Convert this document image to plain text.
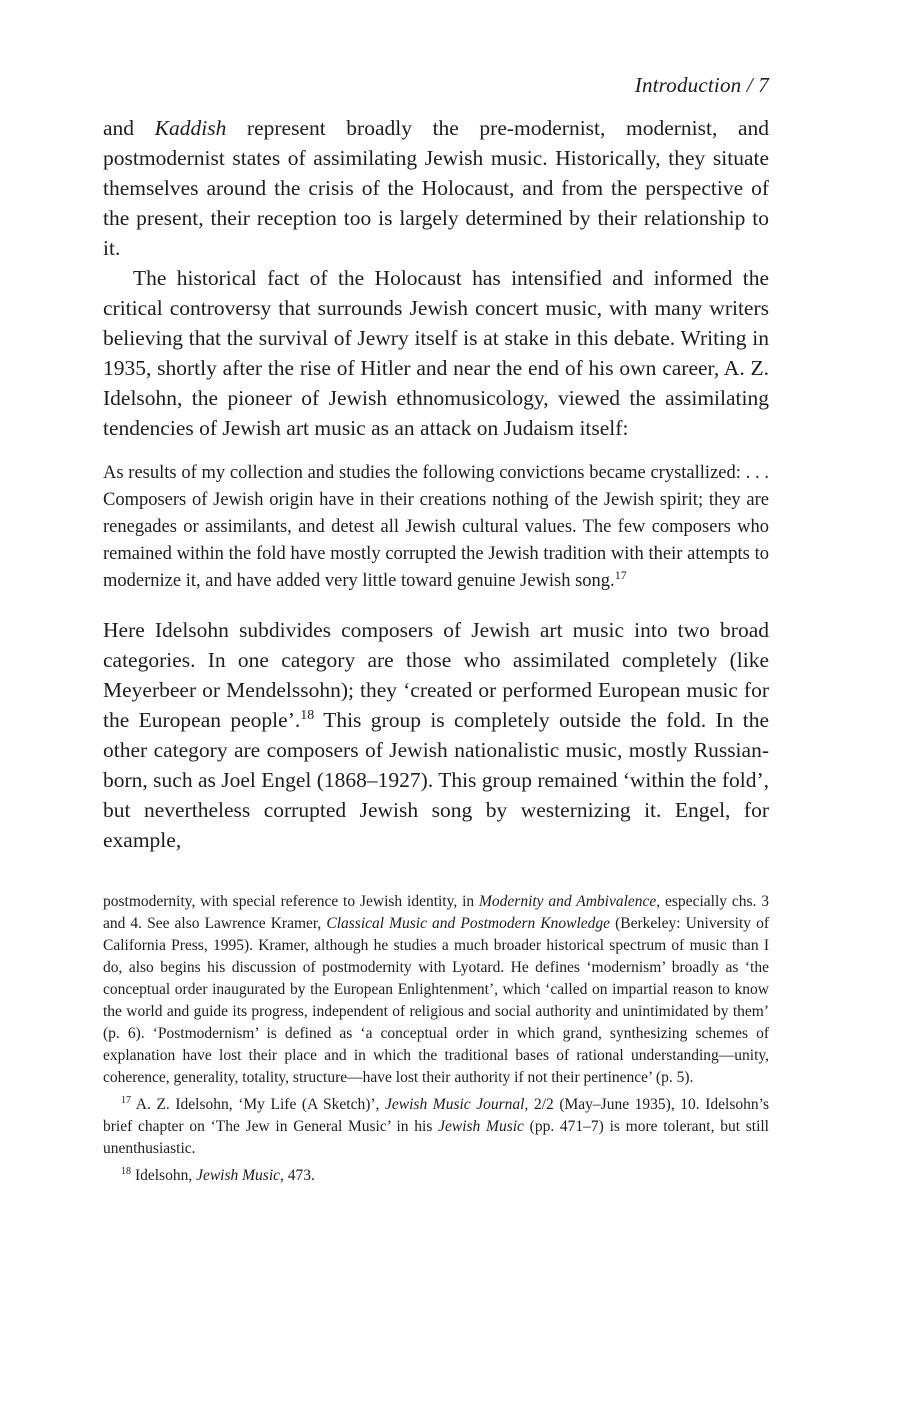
Introduction / 7

and Kaddish represent broadly the pre-modernist, modernist, and postmodernist states of assimilating Jewish music. Historically, they situate themselves around the crisis of the Holocaust, and from the perspective of the present, their reception too is largely determined by their relationship to it.

The historical fact of the Holocaust has intensified and informed the critical controversy that surrounds Jewish concert music, with many writers believing that the survival of Jewry itself is at stake in this debate. Writing in 1935, shortly after the rise of Hitler and near the end of his own career, A. Z. Idelsohn, the pioneer of Jewish ethnomusicology, viewed the assimilating tendencies of Jewish art music as an attack on Judaism itself:

As results of my collection and studies the following convictions became crystallized: . . . Composers of Jewish origin have in their creations nothing of the Jewish spirit; they are renegades or assimilants, and detest all Jewish cultural values. The few composers who remained within the fold have mostly corrupted the Jewish tradition with their attempts to modernize it, and have added very little toward genuine Jewish song.$^{17}$

Here Idelsohn subdivides composers of Jewish art music into two broad categories. In one category are those who assimilated completely (like Meyerbeer or Mendelssohn); they ‘created or performed European music for the European people’.$^{18}$ This group is completely outside the fold. In the other category are composers of Jewish nationalistic music, mostly Russian-born, such as Joel Engel (1868–1927). This group remained ‘within the fold’, but nevertheless corrupted Jewish song by westernizing it. Engel, for example,

postmodernity, with special reference to Jewish identity, in Modernity and Ambivalence, especially chs. 3 and 4. See also Lawrence Kramer, Classical Music and Postmodern Knowledge (Berkeley: University of California Press, 1995). Kramer, although he studies a much broader historical spectrum of music than I do, also begins his discussion of postmodernity with Lyotard. He defines ‘modernism’ broadly as ‘the conceptual order inaugurated by the European Enlightenment’, which ‘called on impartial reason to know the world and guide its progress, independent of religious and social authority and unintimidated by them’ (p. 6). ‘Postmodernism’ is defined as ‘a conceptual order in which grand, synthesizing schemes of explanation have lost their place and in which the traditional bases of rational understanding—unity, coherence, generality, totality, structure—have lost their authority if not their pertinence’ (p. 5).

$^{17}$ A. Z. Idelsohn, ‘My Life (A Sketch)’, Jewish Music Journal, 2/2 (May–June 1935), 10. Idelsohn’s brief chapter on ‘The Jew in General Music’ in his Jewish Music (pp. 471–7) is more tolerant, but still unenthusiastic.

$^{18}$ Idelsohn, Jewish Music, 473.
